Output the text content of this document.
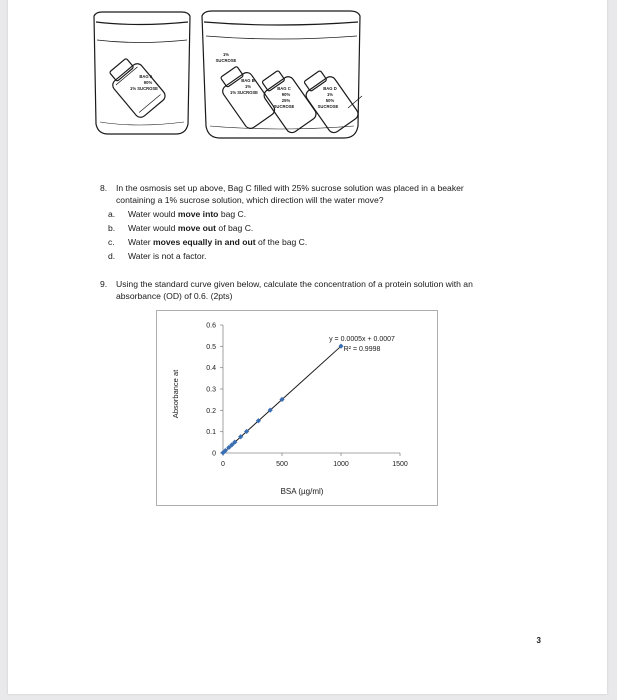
BAG A
90%
1% SUCROSE
1%
SUCROSE
BAG B
1%
1% SUCROSE
BAG C
90%
25%
SUCROSE
BAG D
1%
50%
SUCROSE
8. In the osmosis set up above, Bag C filled with 25% sucrose solution was placed in a beaker
containing a 1% sucrose solution, which direction will the water move?
a. Water would move into bag C.
b. Water would move out of bag C.
c. Water moves equally in and out of the bag C.
d. Water is not a factor.
9. Using the standard curve given below, calculate the concentration of a protein solution with an
absorbance (OD) of 0.6. (2pts)
0
0.1
0.2
0.3
0.4
0.5
0.6
0	500	1000	1500
y = 0.0005x + 0.0007
R² = 0.9998
BSA (µg/ml)
Absorbance at
3
